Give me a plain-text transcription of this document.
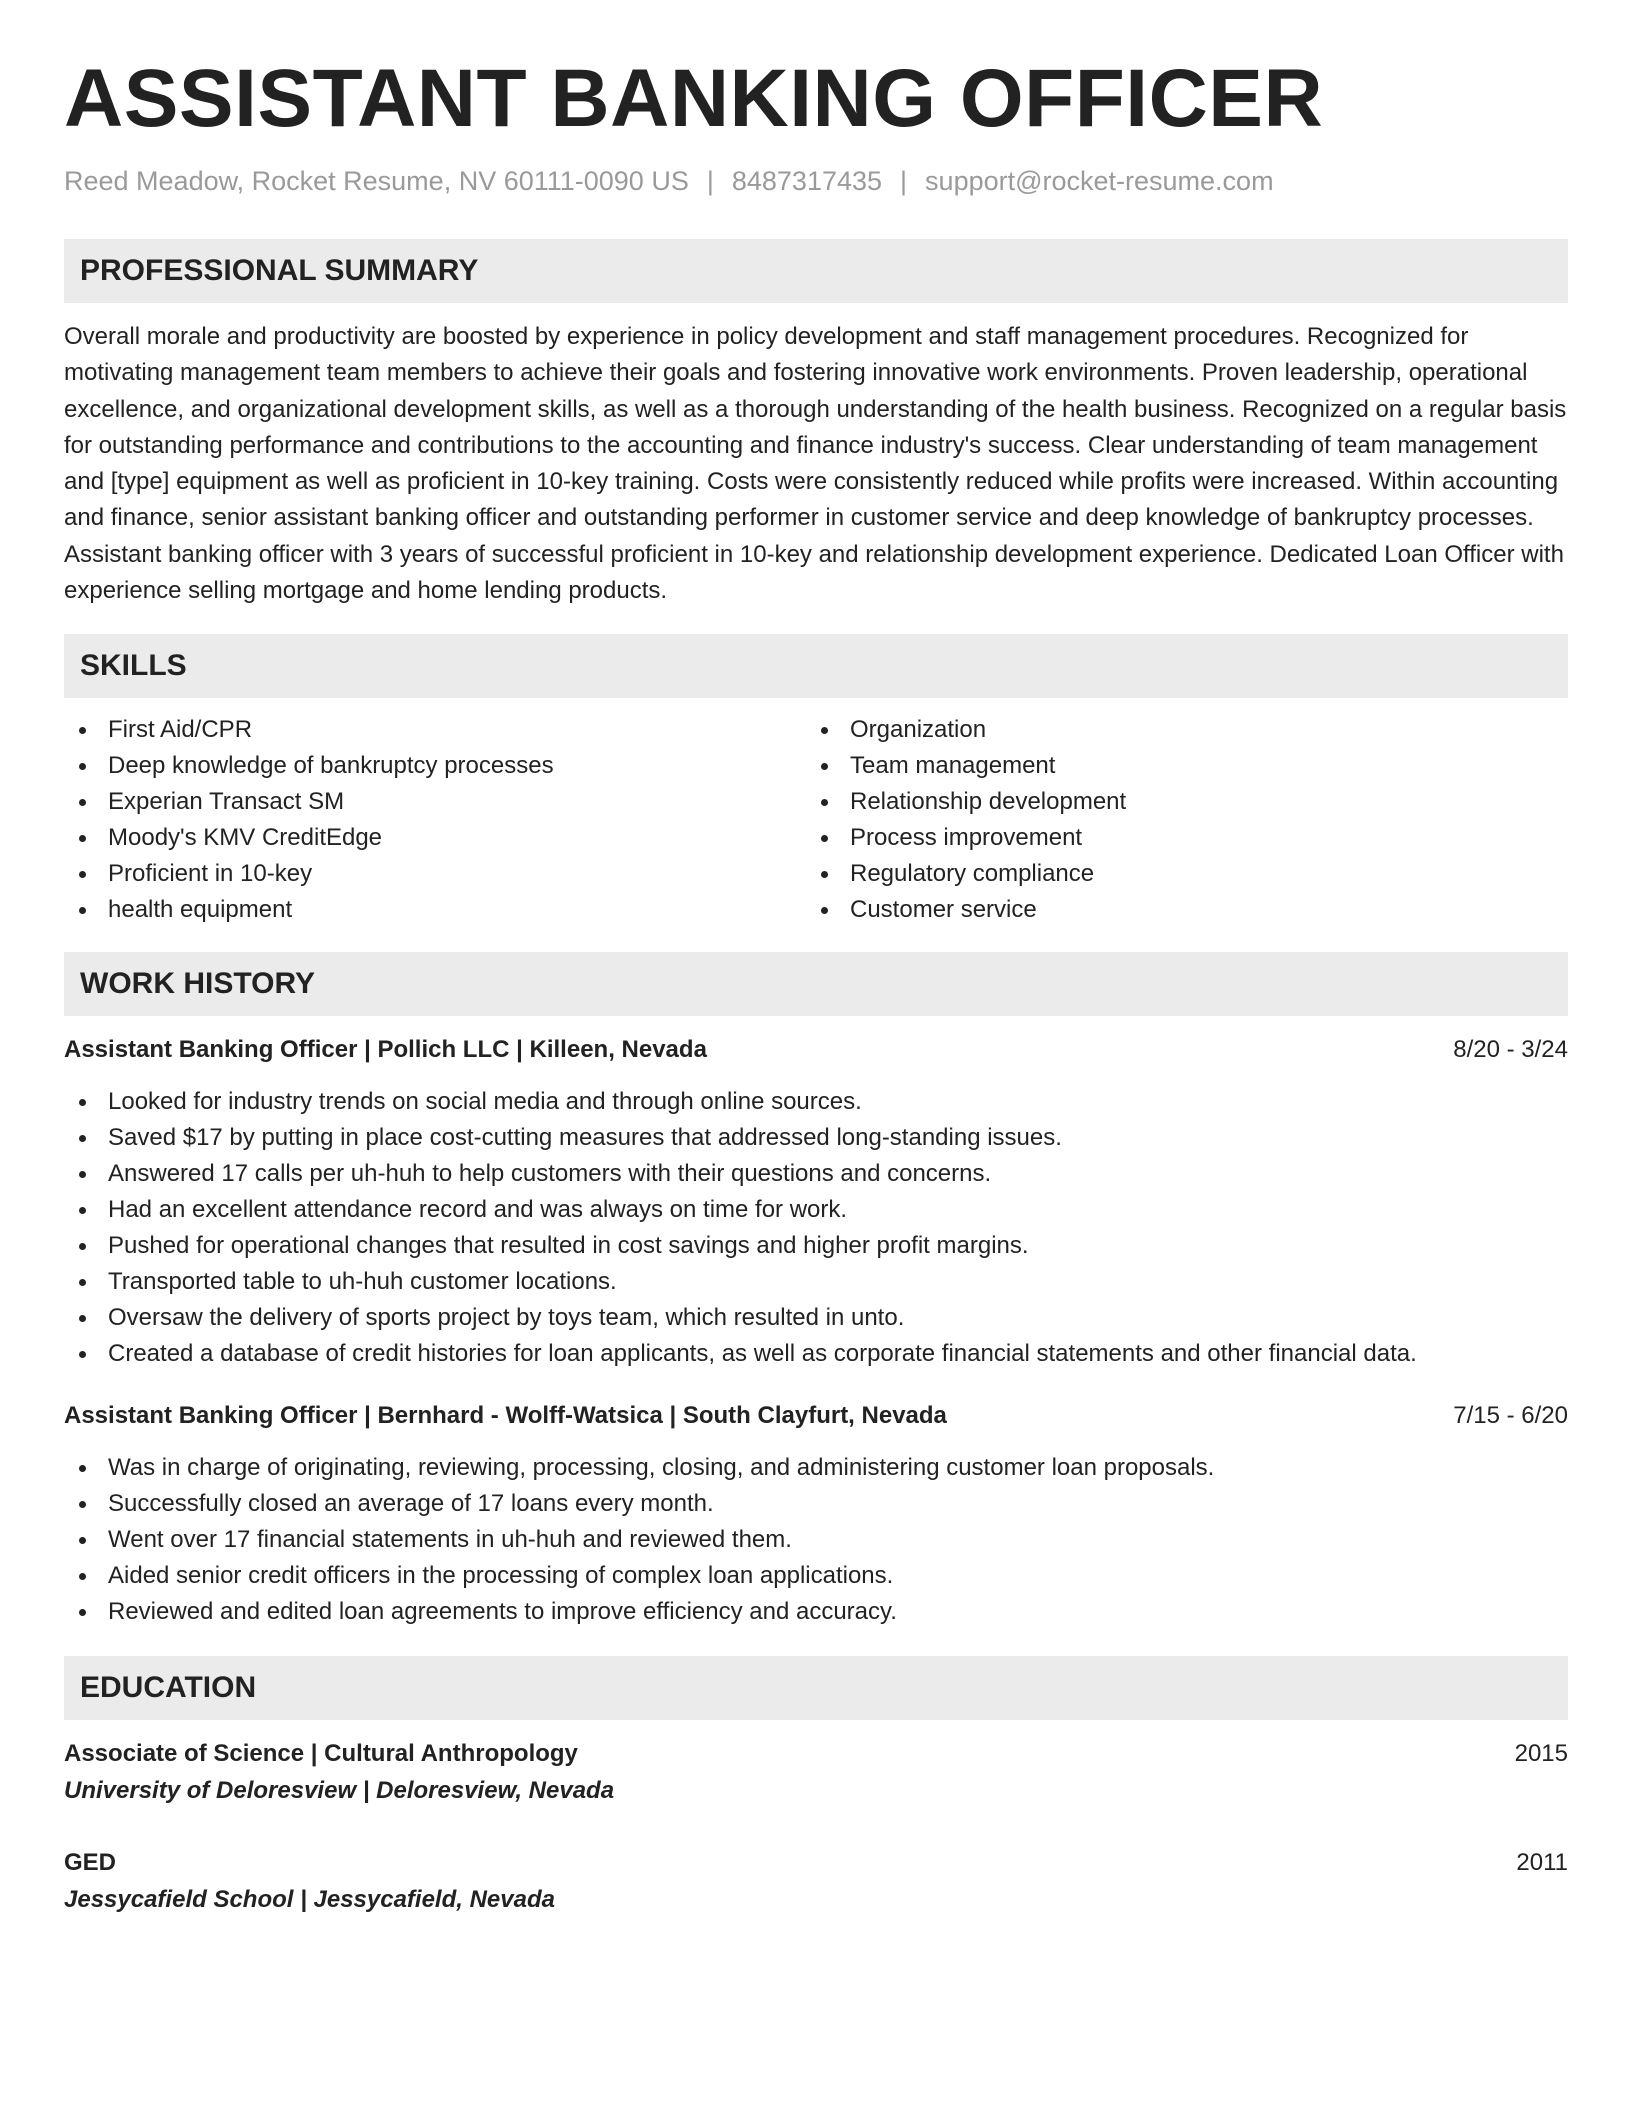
ASSISTANT BANKING OFFICER
Reed Meadow, Rocket Resume, NV 60111-0090 US | 8487317435 | support@rocket-resume.com
PROFESSIONAL SUMMARY

Overall morale and productivity are boosted by experience in policy development and staff management procedures. Recognized for motivating management team members to achieve their goals and fostering innovative work environments. Proven leadership, operational excellence, and organizational development skills, as well as a thorough understanding of the health business. Recognized on a regular basis for outstanding performance and contributions to the accounting and finance industry's success. Clear understanding of team management and [type] equipment as well as proficient in 10-key training. Costs were consistently reduced while profits were increased. Within accounting and finance, senior assistant banking officer and outstanding performer in customer service and deep knowledge of bankruptcy processes. Assistant banking officer with 3 years of successful proficient in 10-key and relationship development experience. Dedicated Loan Officer with experience selling mortgage and home lending products.

SKILLS
First Aid/CPR
Deep knowledge of bankruptcy processes
Experian Transact SM
Moody's KMV CreditEdge
Proficient in 10-key
health equipment
Organization
Team management
Relationship development
Process improvement
Regulatory compliance
Customer service
WORK HISTORY
Assistant Banking Officer | Pollich LLC | Killeen, Nevada	8/20 - 3/24
Looked for industry trends on social media and through online sources.
Saved $17 by putting in place cost-cutting measures that addressed long-standing issues.
Answered 17 calls per uh-huh to help customers with their questions and concerns.
Had an excellent attendance record and was always on time for work.
Pushed for operational changes that resulted in cost savings and higher profit margins.
Transported table to uh-huh customer locations.
Oversaw the delivery of sports project by toys team, which resulted in unto.
Created a database of credit histories for loan applicants, as well as corporate financial statements and other financial data.
Assistant Banking Officer | Bernhard - Wolff-Watsica | South Clayfurt, Nevada	7/15 - 6/20
Was in charge of originating, reviewing, processing, closing, and administering customer loan proposals.
Successfully closed an average of 17 loans every month.
Went over 17 financial statements in uh-huh and reviewed them.
Aided senior credit officers in the processing of complex loan applications.
Reviewed and edited loan agreements to improve efficiency and accuracy.
EDUCATION
Associate of Science | Cultural Anthropology	2015
University of Deloresview | Deloresview, Nevada
GED	2011
Jessycafield School | Jessycafield, Nevada
